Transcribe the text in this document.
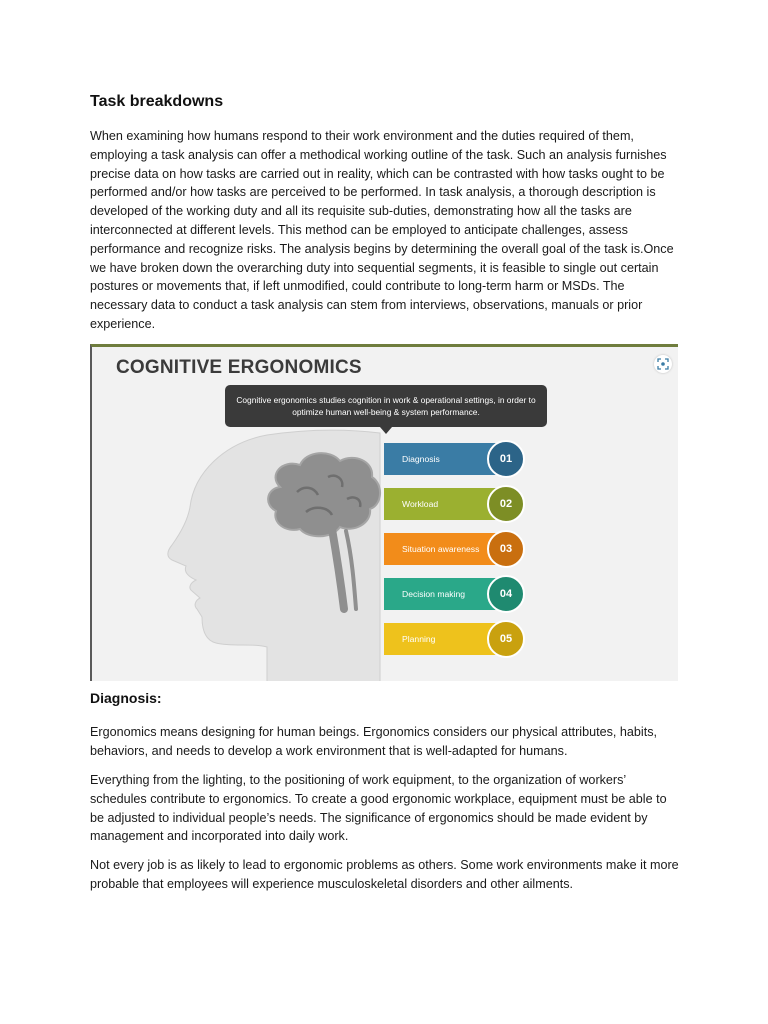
Task breakdowns

When examining how humans respond to their work environment and the duties required of them, employing a task analysis can offer a methodical working outline of the task. Such an analysis furnishes precise data on how tasks are carried out in reality, which can be contrasted with how tasks ought to be performed and/or how tasks are perceived to be performed. In task analysis, a thorough description is developed of the working duty and all its requisite sub-duties, demonstrating how all the tasks are interconnected at different levels. This method can be employed to anticipate challenges, assess performance and recognize risks. The analysis begins by determining the overall goal of the task is.Once we have broken down the overarching duty into sequential segments, it is feasible to single out certain postures or movements that, if left unmodified, could contribute to long-term harm or MSDs. The necessary data to conduct a task analysis can stem from interviews, observations, manuals or prior experience.

COGNITIVE ERGONOMICS
Cognitive ergonomics studies cognition in work & operational settings, in order to optimize human well-being & system performance.
Diagnosis	01
Workload	02
Situation awareness	03
Decision making	04
Planning	05
Diagnosis:

Ergonomics means designing for human beings. Ergonomics considers our physical attributes, habits, behaviors, and needs to develop a work environment that is well-adapted for humans.

Everything from the lighting, to the positioning of work equipment, to the organization of workers’ schedules contribute to ergonomics. To create a good ergonomic workplace, equipment must be able to be adjusted to individual people’s needs. The significance of ergonomics should be made evident by management and incorporated into daily work.

Not every job is as likely to lead to ergonomic problems as others. Some work environments make it more probable that employees will experience musculoskeletal disorders and other ailments.
